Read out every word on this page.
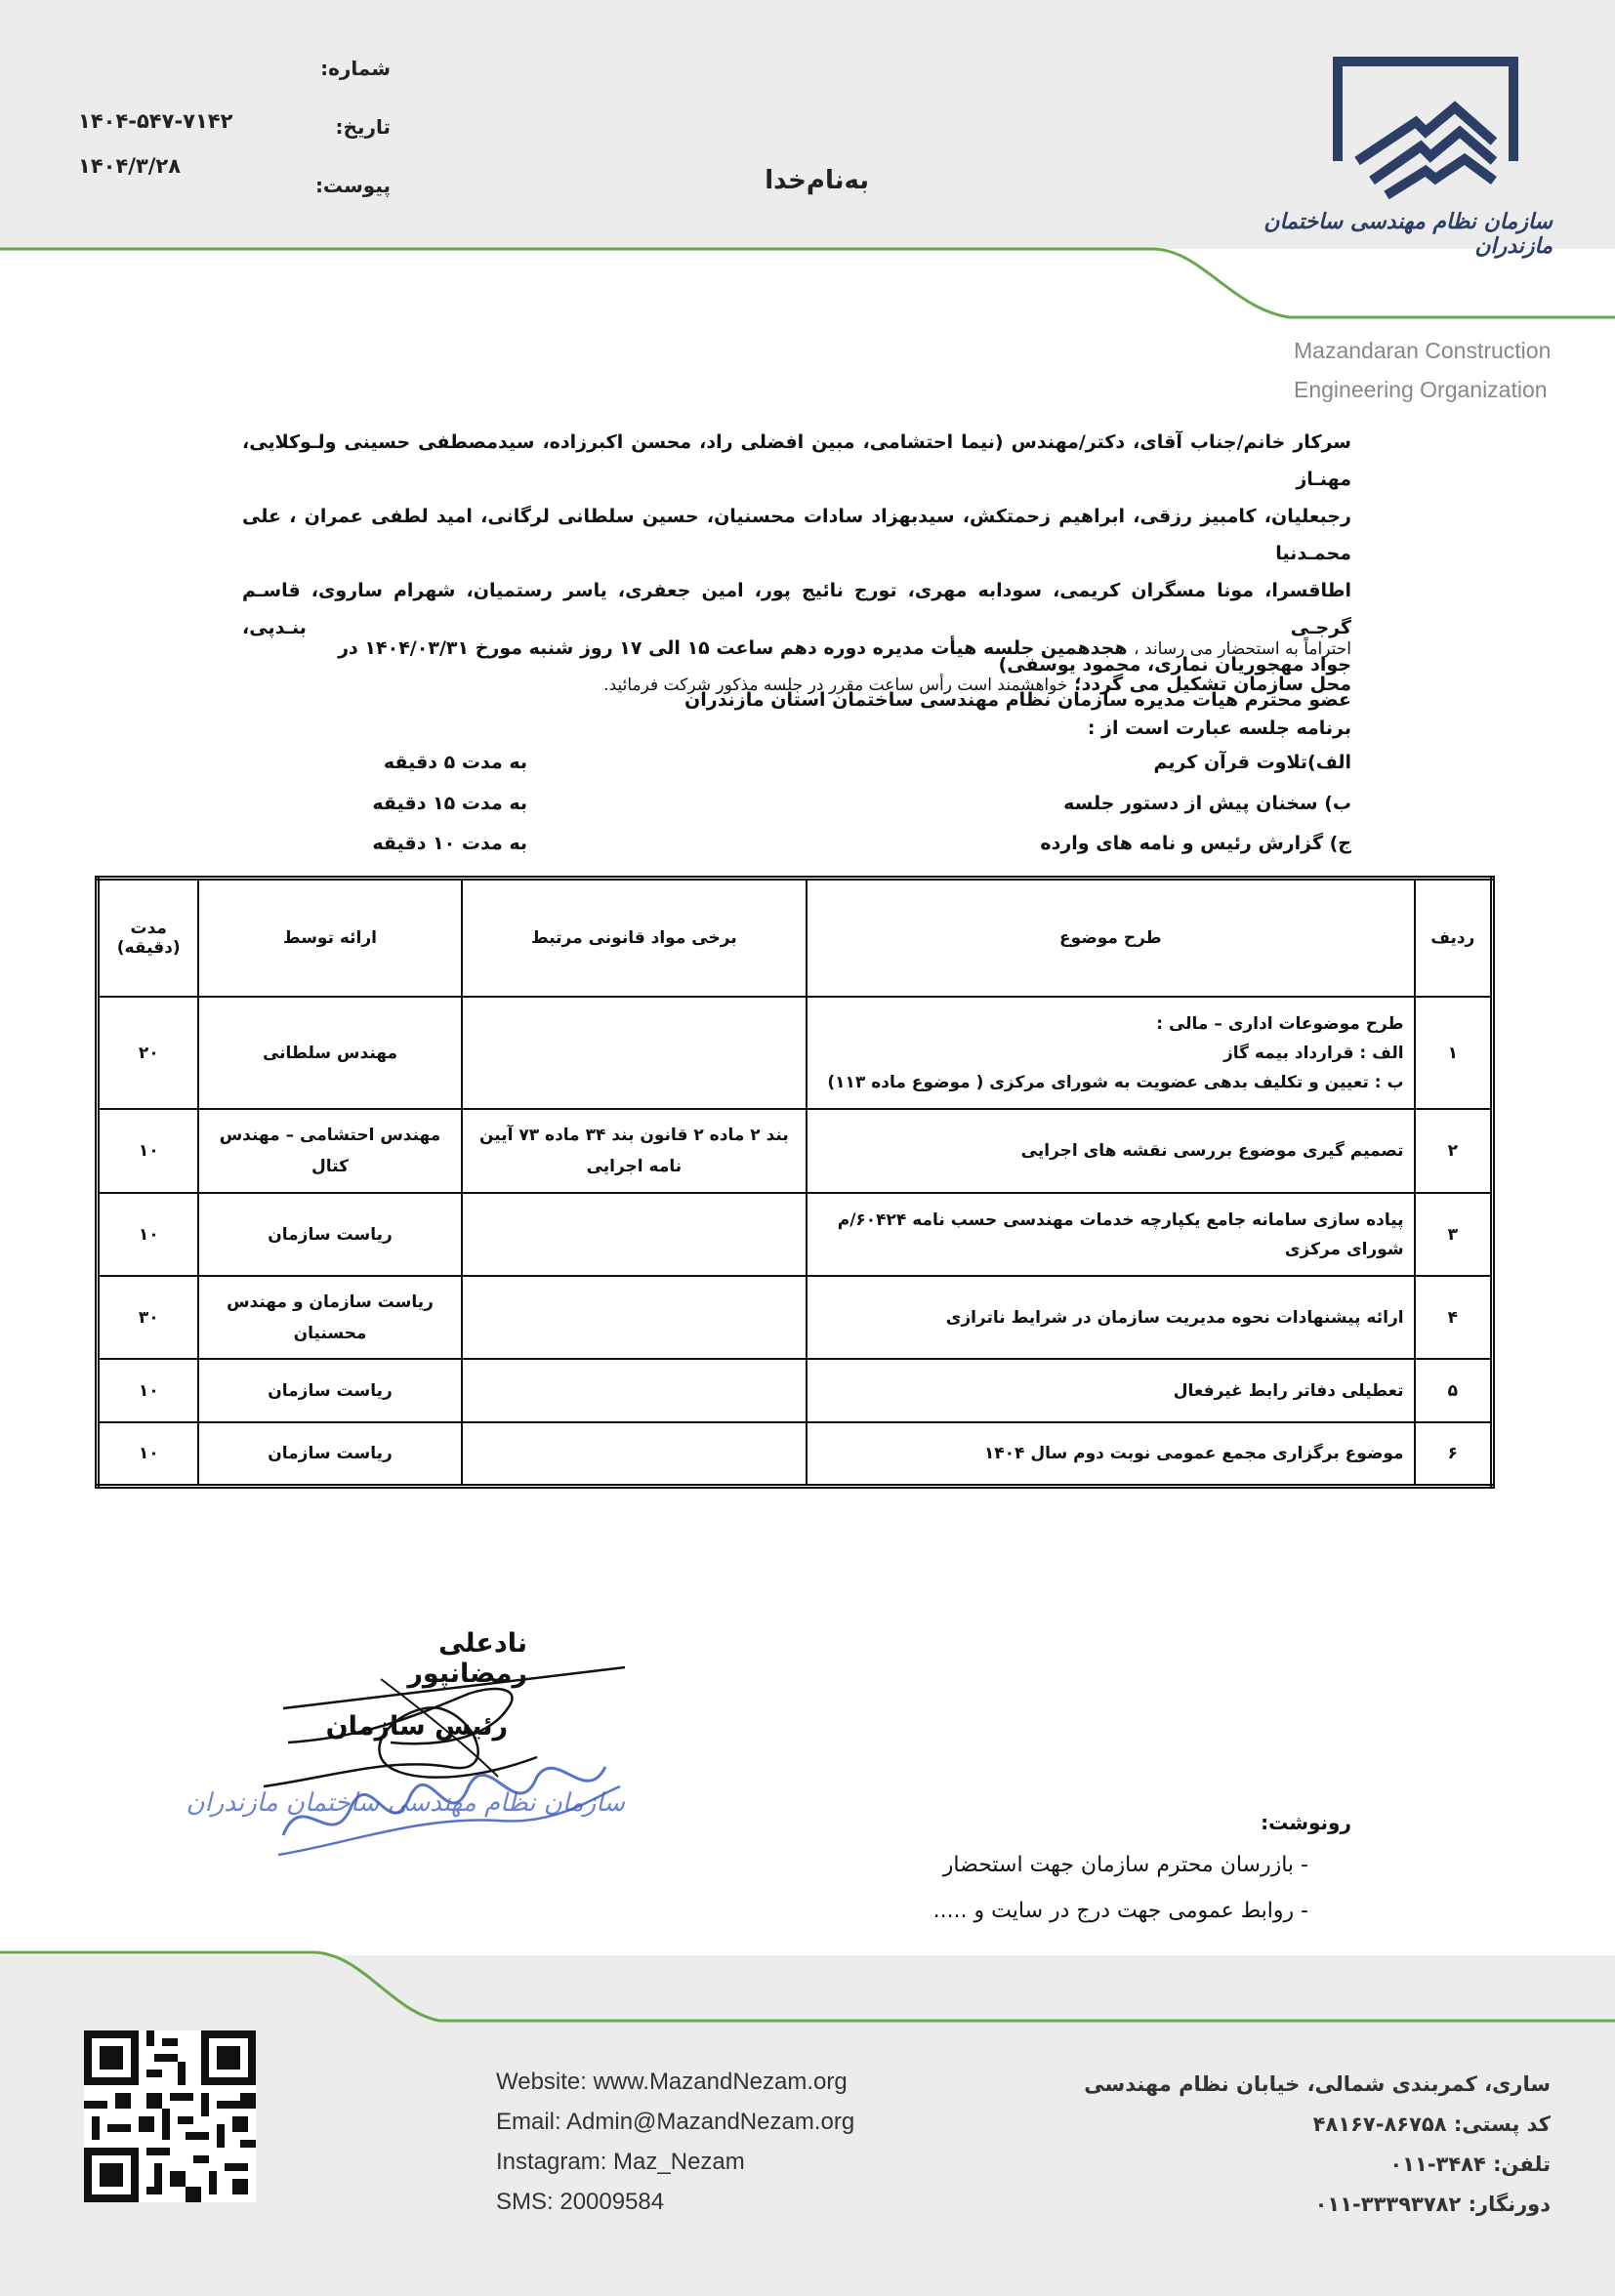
شماره:
تاریخ:
پیوست:
۱۴۰۴-۵۴۷-۷۱۴۲
۱۴۰۴/۳/۲۸	به‌نام‌خدا
سازمان نظام مهندسی ساختمان مازندران
Mazandaran Construction
Engineering Organization
سرکار خانم/جناب آقای، دکتر/مهندس (نیما احتشامی، مبین افضلی راد، محسن اکبرزاده، سیدمصطفی حسینی ولـوکلایی، مهنـاز
رجبعلیان، کامبیز رزقی، ابراهیم زحمتکش، سیدبهزاد سادات محسنیان، حسین سلطانی لرگانی، امید لطفی عمران ، علی محمـدنیا
اطاقسرا، مونا مسگران کریمی، سودابه مهری، تورج نائیج پور، امین جعفری، یاسر رستمیان، شهرام ساروی، قاسـم گرجـی بنـدپی،
جواد مهجوریان نماری، محمود یوسفی)
عضو محترم هیات مدیره سازمان نظام مهندسی ساختمان استان مازندران
احتراماً به استحضار می رساند ، هجدهمین جلسه هیأت مدیره دوره دهم ساعت ۱۵ الی ۱۷ روز شنبه مورخ ۱۴۰۴/۰۳/۳۱ در
محل سازمان تشکیل می گردد؛ خواهشمند است رأس ساعت مقرر در جلسه مذکور شرکت فرمائید.
برنامه جلسه عبارت است از :
الف)تلاوت قرآن کریم
به مدت ۵ دقیقه
ب) سخنان پیش از دستور جلسه
به مدت ۱۵ دقیقه
ج) گزارش رئیس و نامه های وارده
به مدت ۱۰ دقیقه
ردیف	طرح موضوع	برخی مواد قانونی مرتبط	ارائه توسط	مدت (دقیقه)
۱	طرح موضوعات اداری – مالی :
الف : قرارداد بیمه گاز
ب : تعیین و تکلیف بدهی عضویت به شورای مرکزی ( موضوع ماده ۱۱۳)		مهندس سلطانی	۲۰
۲	تصمیم گیری موضوع بررسی نقشه های اجرایی	بند ۲ ماده ۲ قانون بند ۳۴ ماده ۷۳ آیین نامه اجرایی	مهندس احتشامی – مهندس کتال	۱۰
۳	پیاده سازی سامانه جامع یکپارچه خدمات مهندسی حسب نامه ۶۰۴۲۴/م شورای مرکزی		ریاست سازمان	۱۰
۴	ارائه پیشنهادات نحوه مدیریت سازمان در شرایط ناترازی		ریاست سازمان و مهندس محسنیان	۳۰
۵	تعطیلی دفاتر رابط غیرفعال		ریاست سازمان	۱۰
۶	موضوع برگزاری مجمع عمومی نوبت دوم سال ۱۴۰۴		ریاست سازمان	۱۰
نادعلی رمضانپور
رئیس سازمان
سازمان نظام مهندسی ساختمان مازندران
رونوشت:
- بازرسان محترم سازمان جهت استحضار
- روابط عمومی جهت درج در سایت و .....
Website: www.MazandNezam.org
Email: Admin@MazandNezam.org
Instagram: Maz_Nezam
SMS: 20009584
ساری، کمربندی شمالی، خیابان نظام مهندسی
کد پستی: ۸۶۷۵۸-۴۸۱۶۷
تلفن: ۳۴۸۴-۰۱۱
دورنگار: ۳۳۳۹۳۷۸۲-۰۱۱
